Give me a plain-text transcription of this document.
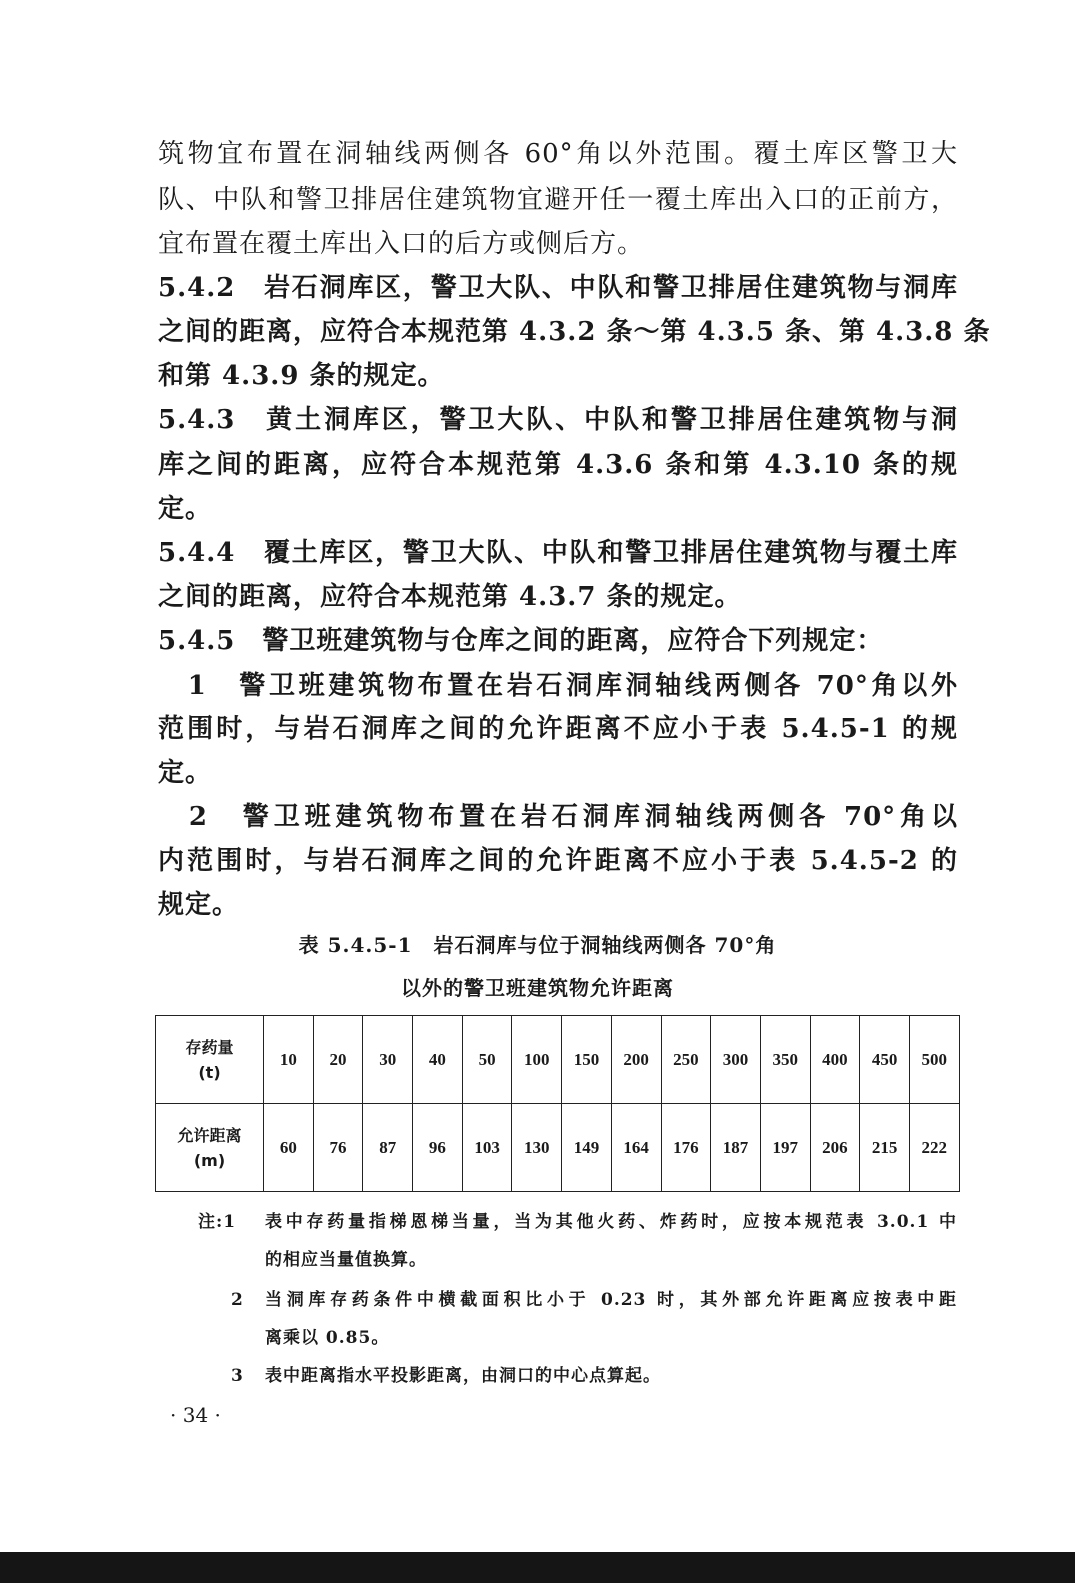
筑物宜布置在洞轴线两侧各 60°角以外范围。覆土库区警卫大
队、中队和警卫排居住建筑物宜避开任一覆土库出入口的正前方，
宜布置在覆土库出入口的后方或侧后方。
5.4.2　岩石洞库区，警卫大队、中队和警卫排居住建筑物与洞库
之间的距离，应符合本规范第 4.3.2 条～第 4.3.5 条、第 4.3.8 条
和第 4.3.9 条的规定。
5.4.3　黄土洞库区，警卫大队、中队和警卫排居住建筑物与洞
库之间的距离，应符合本规范第 4.3.6 条和第 4.3.10 条的规
定。
5.4.4　覆土库区，警卫大队、中队和警卫排居住建筑物与覆土库
之间的距离，应符合本规范第 4.3.7 条的规定。
5.4.5　警卫班建筑物与仓库之间的距离，应符合下列规定：
　1　警卫班建筑物布置在岩石洞库洞轴线两侧各 70°角以外
范围时，与岩石洞库之间的允许距离不应小于表 5.4.5-1 的规
定。
　2　警卫班建筑物布置在岩石洞库洞轴线两侧各 70°角以
内范围时，与岩石洞库之间的允许距离不应小于表 5.4.5-2 的
规定。
表 5.4.5-1　岩石洞库与位于洞轴线两侧各 70°角
以外的警卫班建筑物允许距离
存药量
(t)	10	20	30	40	50	100	150	200	250	300	350	400	450	500

允许距离
(m)	60	76	87	96	103	130	149	164	176	187	197	206	215	222
注:1 表中存药量指梯恩梯当量，当为其他火药、炸药时，应按本规范表 3.0.1 中
的相应当量值换算。
2 当洞库存药条件中横截面积比小于 0.23 时，其外部允许距离应按表中距
离乘以 0.85。
3 表中距离指水平投影距离，由洞口的中心点算起。
· 34 ·
